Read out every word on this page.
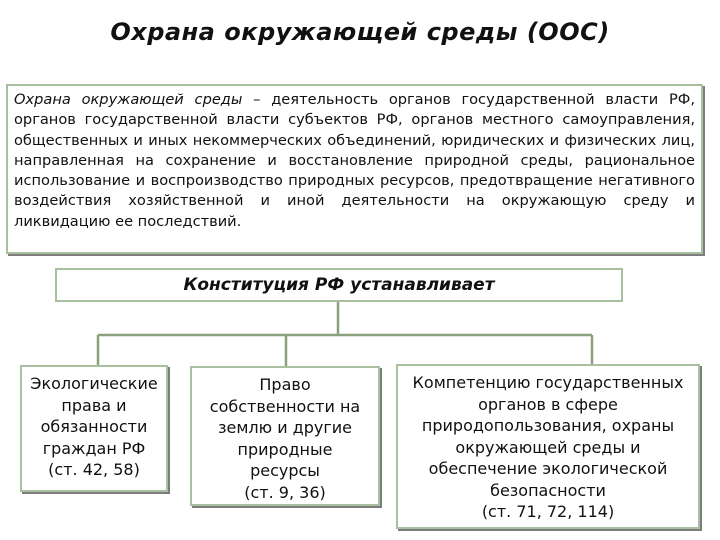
Охрана окружающей среды (ООС)
Охрана окружающей среды – деятельность органов государственной власти РФ, органов государственной власти субъектов РФ, органов местного самоуправления, общественных и иных некоммерческих объединений, юридических и физических лиц, направленная на сохранение и восстановление природной среды, рациональное использование и воспроизводство природных ресурсов, предотвращение негативного воздействия хозяйственной и иной деятельности на окружающую среду и ликвидацию ее последствий.
Конституция РФ устанавливает
Экологические
права и
обязанности
граждан РФ
(ст. 42, 58)
Право
собственности на
землю и другие
природные
ресурсы
(ст. 9, 36)
Компетенцию государственных
органов в сфере
природопользования, охраны
окружающей среды и
обеспечение экологической
безопасности
(ст. 71, 72, 114)
